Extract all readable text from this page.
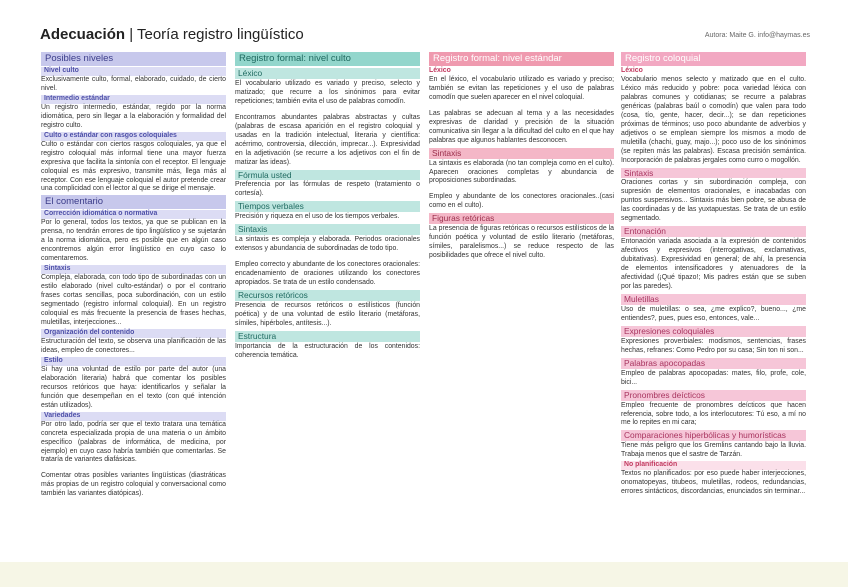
Adecuación | Teoría registro lingüístico	Autora: Maite G. info@haymas.es
Posibles niveles
Nivel culto
Exclusivamente culto, formal, elaborado, cuidado, de cierto nivel.
Intermedio estándar
Un registro intermedio, estándar, regido por la norma idiomática, pero sin llegar a la elaboración y formalidad del registro culto.
Culto o estándar con rasgos coloquiales
Culto o estándar con ciertos rasgos coloquiales, ya que el registro coloquial más informal tiene una mayor fuerza expresiva que facilita la sintonía con el receptor. El lenguaje coloquial es más expresivo, transmite más, llega más al receptor. Con ese lenguaje coloquial el autor pretende crear una complicidad con el lector al que se dirige el mensaje.
El comentario
Corrección idiomática o normativa
Por lo general, todos los textos, ya que se publican en la prensa, no tendrán errores de tipo lingüístico y se sujetarán a la norma idiomática, pero es posible que en algún caso encontremos algún error lingüístico en cuyo caso lo comentaremos.
Sintaxis
Compleja, elaborada, con todo tipo de subordinadas con un estilo elaborado (nivel culto-estándar) o por el contrario frases cortas sencillas, poca subordinación, con un estilo segmentado (registro informal coloquial). En un registro coloquial es más frecuente la presencia de frases hechas, muletillas, interjecciones...
Organización del contenido
Estructuración del texto, se observa una planificación de las ideas, empleo de conectores...
Estilo
Si hay una voluntad de estilo por parte del autor (una elaboración literaria) habrá que comentar los posibles recursos retóricos que haya: identificarlos y señalar la función que desempeñan en el texto (con qué intención están utilizados).
Variedades
Por otro lado, podría ser que el texto tratara una temática concreta especializada propia de una materia o un ámbito específico (palabras de informática, de medicina, por ejemplo) en cuyo caso habría también que comentarlas. Se trataría de variantes diafásicas.
Comentar otras posibles variantes lingüísticas (diastráticas más propias de un registro coloquial y conversacional como también las variantes diatópicas).
Registro formal: nivel culto
Léxico
El vocabulario utilizado es variado y preciso, selecto y matizado; que recurre a los sinónimos para evitar repeticiones; también evita el uso de palabras comodín.
Encontramos abundantes palabras abstractas y cultas (palabras de escasa aparición en el registro coloquial y usadas en la tradición intelectual, literaria y científica: acérrimo, controversia, dilección, imprecar...). Expresividad en la adjetivación (se recurre a los adjetivos con el fin de matizar las ideas).
Fórmula usted
Preferencia por las fórmulas de respeto (tratamiento o cortesía).
Tiempos verbales
Precisión y riqueza en el uso de los tiempos verbales.
Sintaxis
La sintaxis es compleja y elaborada. Periodos oracionales extensos y abundancia de subordinadas de todo tipo.
Empleo correcto y abundante de los conectores oracionales: encadenamiento de oraciones utilizando los conectores apropiados. Se trata de un estilo condensado.
Recursos retóricos
Presencia de recursos retóricos o estilísticos (función poética) y de una voluntad de estilo literario (metáforas, símiles, hipérboles, antítesis...).
Estructura
Importancia de la estructuración de los contenidos: coherencia temática.
Registro formal: nivel estándar
Léxico
En el léxico, el vocabulario utilizado es variado y preciso; también se evitan las repeticiones y el uso de palabras comodín que suelen aparecer en el nivel coloquial.
Las palabras se adecuan al tema y a las necesidades expresivas de claridad y precisión de la situación comunicativa sin llegar a la dificultad del culto en el que hay palabras que algunos hablantes desconocen.
Sintaxis
La sintaxis es elaborada (no tan compleja como en el culto). Aparecen oraciones completas y abundancia de proposiciones subordinadas.
Empleo y abundante de los conectores oracionales..(casi como en el culto).
Figuras retóricas
La presencia de figuras retóricas o recursos estilísticos de la función poética y voluntad de estilo literario (metáforas, símiles, paralelismos...) se reduce respecto de las posibilidades que ofrece el nivel culto.
Registro coloquial
Léxico
Vocabulario menos selecto y matizado que en el culto. Léxico más reducido y pobre: poca variedad léxica con palabras comunes y cotidianas; se recurre a palabras genéricas (palabras baúl o comodín) que valen para todo (cosa, tío, gente, hacer, decir...); se dan repeticiones próximas de términos; uso poco abundante de adverbios y adjetivos o se emplean siempre los mismos a modo de muletilla (chachi, guay, majo...); poco uso de los sinónimos (se repiten más las palabras). Escasa precisión semántica. Incorporación de palabras jergales como curro o mogollón.
Sintaxis
Oraciones cortas y sin subordinación compleja, con supresión de elementos oracionales, e inacabadas con puntos suspensivos... Sintaxis más bien pobre, se abusa de las coordinadas y de las yuxtapuestas. Se trata de un estilo segmentado.
Entonación
Entonación variada asociada a la expresión de contenidos afectivos y expresivos (interrogativas, exclamativas, dubitativas). Expresividad en general; de ahí, la presencia de elementos intensificadores y atenuadores de la afectividad (¡Qué tipazo!; Mis padres están que se suben por las paredes).
Muletillas
Uso de muletillas: o sea, ¿me explico?, bueno..., ¿me entiendes?, pues, pues eso, entonces, vale...
Expresiones coloquiales
Expresiones proverbiales: modismos, sentencias, frases hechas, refranes: Como Pedro por su casa; Sin ton ni son...
Palabras apocopadas
Empleo de palabras apocopadas: mates, filo, profe, cole, bici...
Pronombres deícticos
Empleo frecuente de pronombres deícticos que hacen referencia, sobre todo, a los interlocutores: Tú eso, a mí no me lo repites en mi cara;
Comparaciones hiperbólicas y humorísticas
Tiene más peligro que los Gremlins cantando bajo la lluvia. Trabaja menos que el sastre de Tarzán.
No planificación
Textos no planificados: por eso puede haber interjecciones, onomatopeyas, titubeos, muletillas, rodeos, redundancias, errores sintácticos, discordancias, enunciados sin terminar...
